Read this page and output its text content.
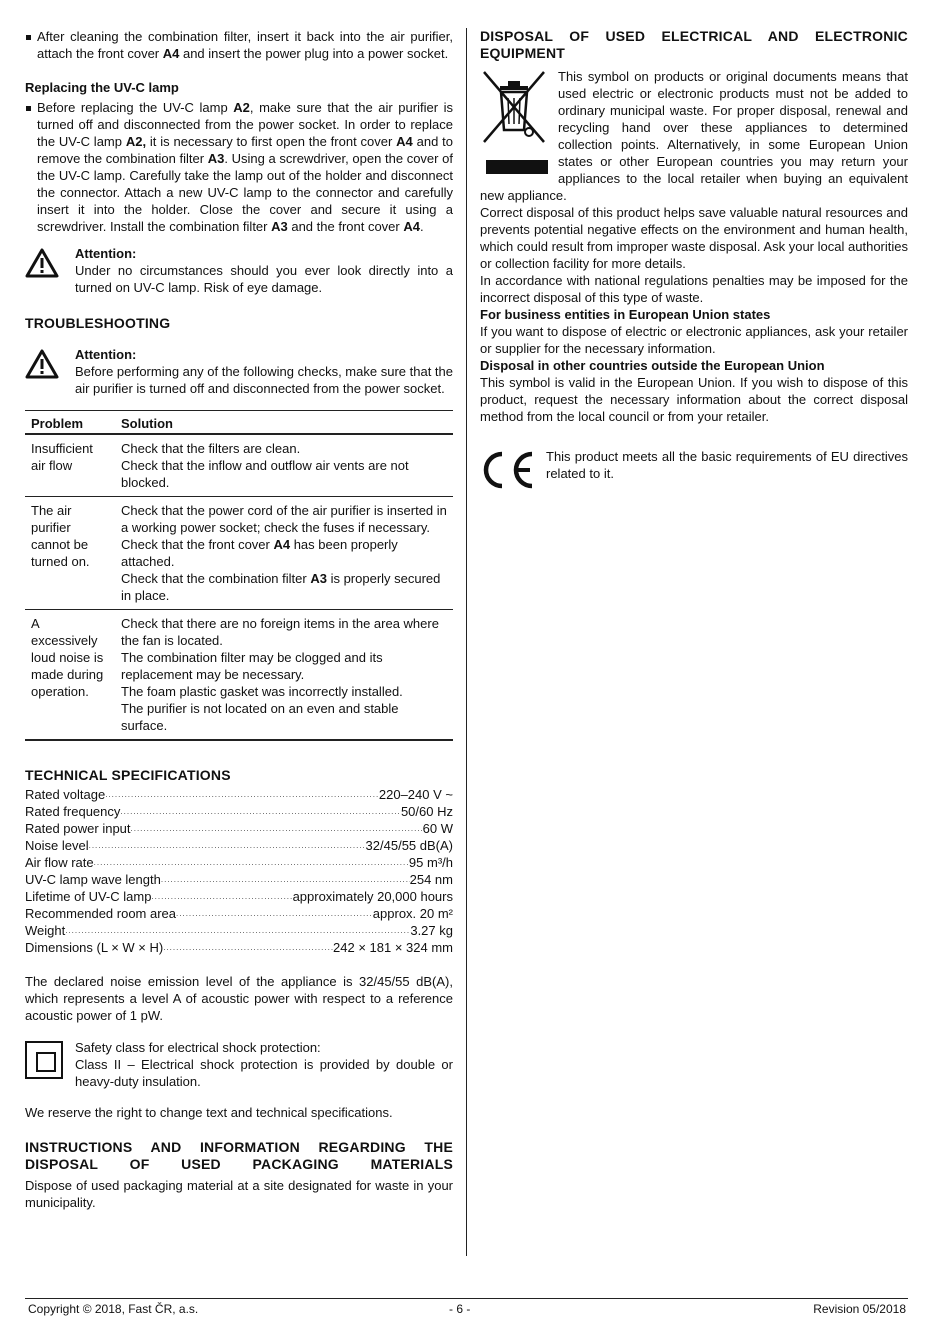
After cleaning the combination filter, insert it back into the air purifier, attach the front cover A4 and insert the power plug into a power socket.
Replacing the UV-C lamp
Before replacing the UV-C lamp A2, make sure that the air purifier is turned off and disconnected from the power socket. In order to replace the UV-C lamp A2, it is necessary to first open the front cover A4 and to remove the combination filter A3. Using a screwdriver, open the cover of the UV-C lamp. Carefully take the lamp out of the holder and disconnect the connector. Attach a new UV-C lamp to the connector and carefully insert it into the holder. Close the cover and secure it using a screwdriver. Install the combination filter A3 and the front cover A4.
Attention:
Under no circumstances should you ever look directly into a turned on UV-C lamp. Risk of eye damage.
TROUBLESHOOTING
Attention:
Before performing any of the following checks, make sure that the air purifier is turned off and disconnected from the power socket.
Problem	Solution
Insufficient air flow	Check that the filters are clean.
Check that the inflow and outflow air vents are not blocked.

The air purifier cannot be turned on.	Check that the power cord of the air purifier is inserted in a working power socket; check the fuses if necessary.
Check that the front cover A4 has been properly attached.
Check that the combination filter A3 is properly secured in place.

A excessively loud noise is made during operation.	Check that there are no foreign items in the area where the fan is located.
The combination filter may be clogged and its replacement may be necessary.
The foam plastic gasket was incorrectly installed.
The purifier is not located on an even and stable surface.
TECHNICAL SPECIFICATIONS
Rated voltage .....	220–240 V ~
Rated frequency .....	50/60 Hz
Rated power input .....	60 W
Noise level .....	32/45/55 dB(A)
Air flow rate .....	95 m³/h
UV-C lamp wave length .....	254 nm
Lifetime of UV-C lamp .....	approximately 20,000 hours
Recommended room area .....	approx. 20 m²
Weight .....	3.27 kg
Dimensions (L × W × H) .....	242 × 181 × 324 mm
The declared noise emission level of the appliance is 32/45/55 dB(A), which represents a level A of acoustic power with respect to a reference acoustic power of 1 pW.
Safety class for electrical shock protection:
Class II – Electrical shock protection is provided by double or heavy-duty insulation.
We reserve the right to change text and technical specifications.
INSTRUCTIONS AND INFORMATION REGARDING THE DISPOSAL OF USED PACKAGING MATERIALS
Dispose of used packaging material at a site designated for waste in your municipality.
DISPOSAL OF USED ELECTRICAL AND ELECTRONIC EQUIPMENT
This symbol on products or original documents means that used electric or electronic products must not be added to ordinary municipal waste. For proper disposal, renewal and recycling hand over these appliances to determined collection points. Alternatively, in some European Union states or other European countries you may return your appliances to the local retailer when buying an equivalent new appliance.
Correct disposal of this product helps save valuable natural resources and prevents potential negative effects on the environment and human health, which could result from improper waste disposal. Ask your local authorities or collection facility for more details.
In accordance with national regulations penalties may be imposed for the incorrect disposal of this type of waste.
For business entities in European Union states
If you want to dispose of electric or electronic appliances, ask your retailer or supplier for the necessary information.
Disposal in other countries outside the European Union
This symbol is valid in the European Union. If you wish to dispose of this product, request the necessary information about the correct disposal method from the local council or from your retailer.
This product meets all the basic requirements of EU directives related to it.
Copyright © 2018, Fast ČR, a.s.	- 6 -	Revision 05/2018
